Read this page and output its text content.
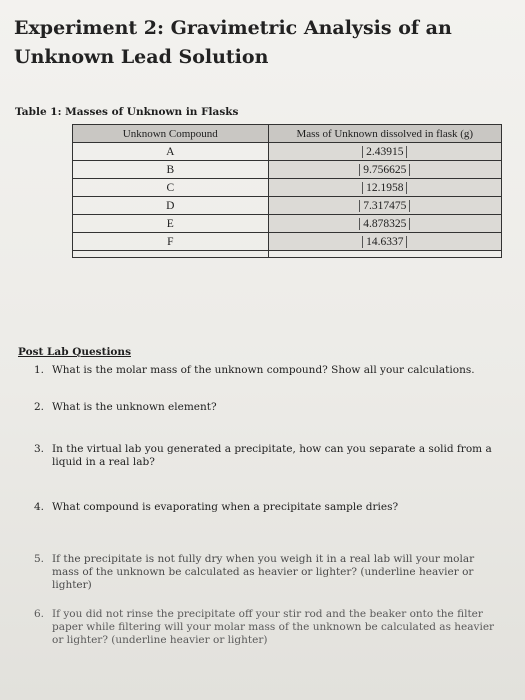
Experiment 2: Gravimetric Analysis of an Unknown Lead Solution

Table 1: Masses of Unknown in Flasks

Unknown Compound	Mass of Unknown dissolved in flask (g)
A	2.43915
B	9.756625
C	12.1958
D	7.317475
E	4.878325
F	14.6337

Post Lab Questions

1. What is the molar mass of the unknown compound? Show all your calculations.

2. What is the unknown element?

3. In the virtual lab you generated a precipitate, how can you separate a solid from a liquid in a real lab?

4. What compound is evaporating when a precipitate sample dries?

5. If the precipitate is not fully dry when you weigh it in a real lab will your molar mass of the unknown be calculated as heavier or lighter? (underline heavier or lighter)

6. If you did not rinse the precipitate off your stir rod and the beaker onto the filter paper while filtering will your molar mass of the unknown be calculated as heavier or lighter? (underline heavier or lighter)
